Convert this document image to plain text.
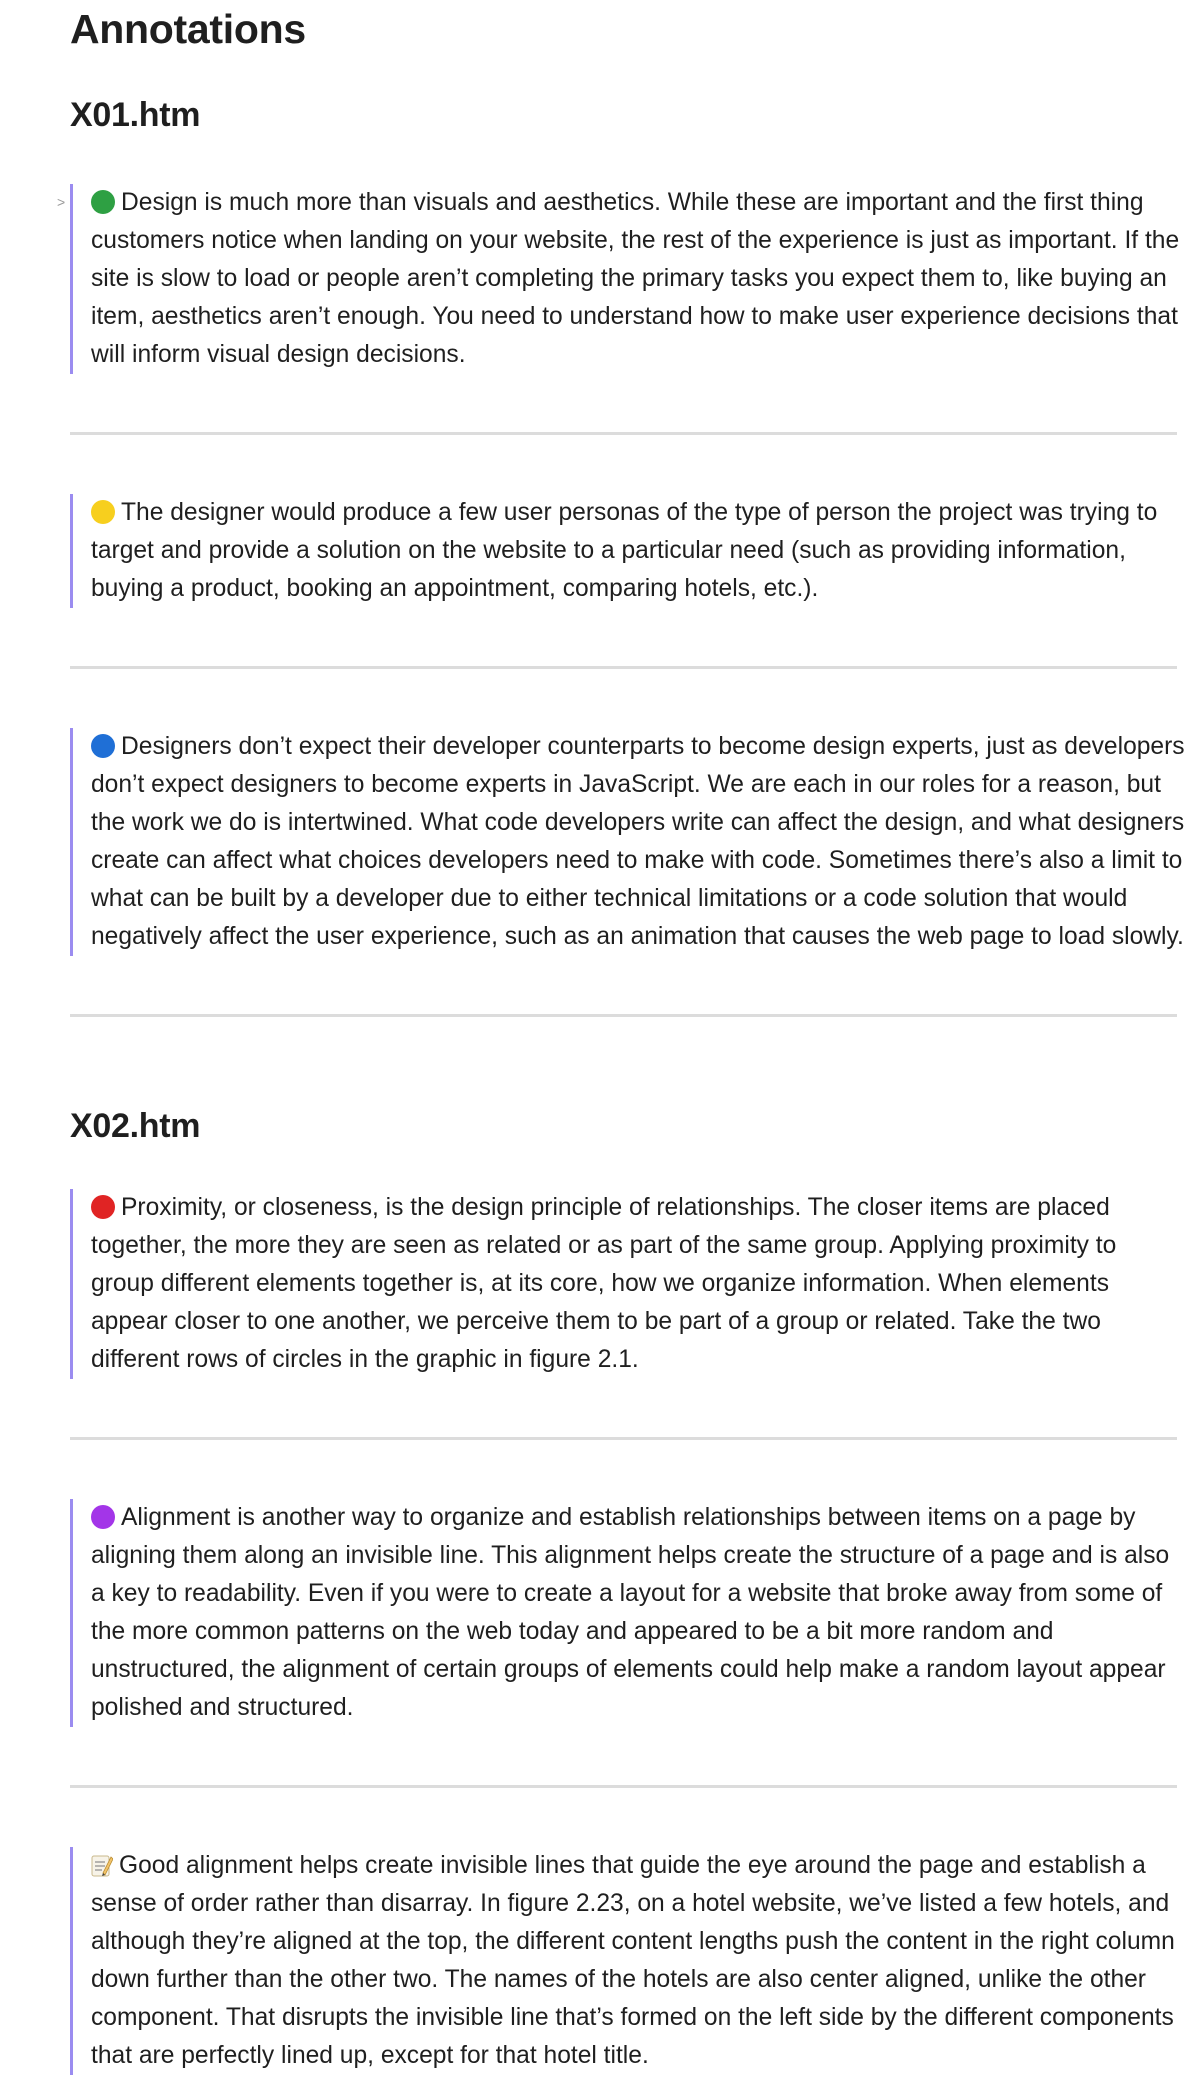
Annotations
X01.htm
>	Design is much more than visuals and aesthetics. While these are important and the first thing customers notice when landing on your website, the rest of the experience is just as important. If the site is slow to load or people aren’t completing the primary tasks you expect them to, like buying an item, aesthetics aren’t enough. You need to understand how to make user experience decisions that will inform visual design decisions.

The designer would produce a few user personas of the type of person the project was trying to target and provide a solution on the website to a particular need (such as providing information, buying a product, booking an appointment, comparing hotels, etc.).

Designers don’t expect their developer counterparts to become design experts, just as developers don’t expect designers to become experts in JavaScript. We are each in our roles for a reason, but the work we do is intertwined. What code developers write can affect the design, and what designers create can affect what choices developers need to make with code. Sometimes there’s also a limit to what can be built by a developer due to either technical limitations or a code solution that would negatively affect the user experience, such as an animation that causes the web page to load slowly.

X02.htm

Proximity, or closeness, is the design principle of relationships. The closer items are placed together, the more they are seen as related or as part of the same group. Applying proximity to group different elements together is, at its core, how we organize information. When elements appear closer to one another, we perceive them to be part of a group or related. Take the two different rows of circles in the graphic in figure 2.1.

Alignment is another way to organize and establish relationships between items on a page by aligning them along an invisible line. This alignment helps create the structure of a page and is also a key to readability. Even if you were to create a layout for a website that broke away from some of the more common patterns on the web today and appeared to be a bit more random and unstructured, the alignment of certain groups of elements could help make a random layout appear polished and structured.

Good alignment helps create invisible lines that guide the eye around the page and establish a sense of order rather than disarray. In figure 2.23, on a hotel website, we’ve listed a few hotels, and although they’re aligned at the top, the different content lengths push the content in the right column down further than the other two. The names of the hotels are also center aligned, unlike the other component. That disrupts the invisible line that’s formed on the left side by the different components that are perfectly lined up, except for that hotel title.
